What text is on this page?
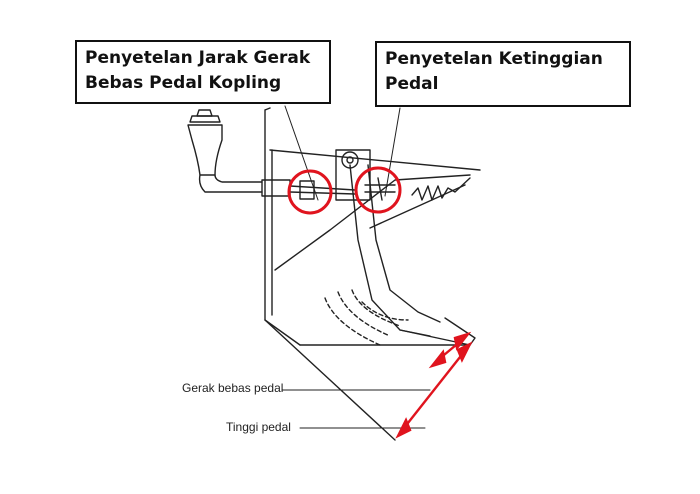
Penyetelan Jarak Gerak
Bebas Pedal Kopling
Penyetelan Ketinggian
Pedal
Gerak bebas pedal
Tinggi pedal
